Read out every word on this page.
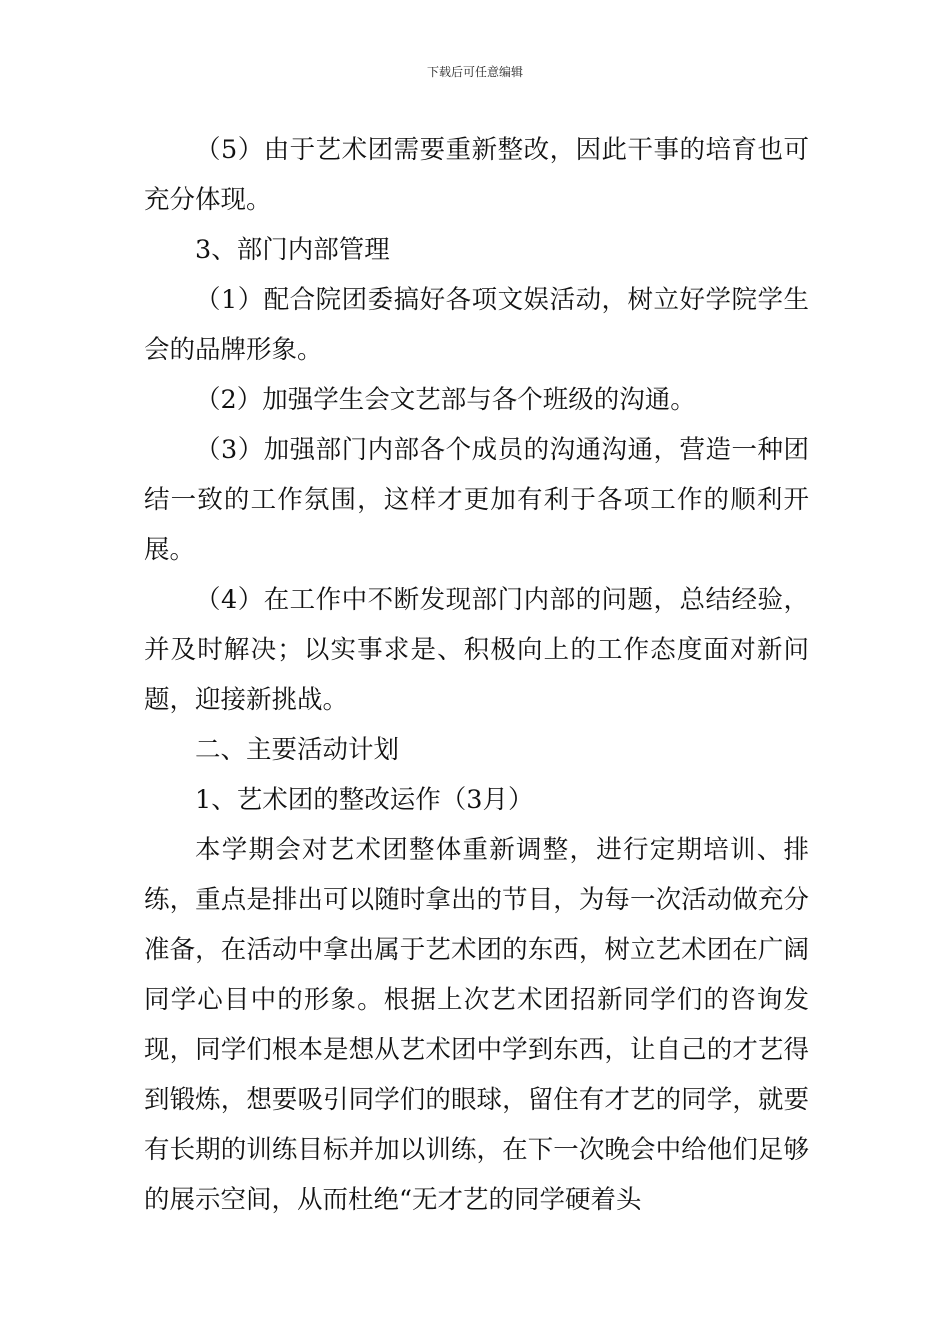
下载后可任意编辑

（5）由于艺术团需要重新整改，因此干事的培育也可充分体现。

3、部门内部管理

（1）配合院团委搞好各项文娱活动，树立好学院学生会的品牌形象。

（2）加强学生会文艺部与各个班级的沟通。

（3）加强部门内部各个成员的沟通沟通，营造一种团结一致的工作氛围，这样才更加有利于各项工作的顺利开展。

（4）在工作中不断发现部门内部的问题，总结经验，并及时解决；以实事求是、积极向上的工作态度面对新问题，迎接新挑战。

二、主要活动计划

1、艺术团的整改运作（3月）

本学期会对艺术团整体重新调整，进行定期培训、排练，重点是排出可以随时拿出的节目，为每一次活动做充分准备，在活动中拿出属于艺术团的东西，树立艺术团在广阔同学心目中的形象。根据上次艺术团招新同学们的咨询发现，同学们根本是想从艺术团中学到东西，让自己的才艺得到锻炼，想要吸引同学们的眼球，留住有才艺的同学，就要有长期的训练目标并加以训练，在下一次晚会中给他们足够的展示空间，从而杜绝“无才艺的同学硬着头
